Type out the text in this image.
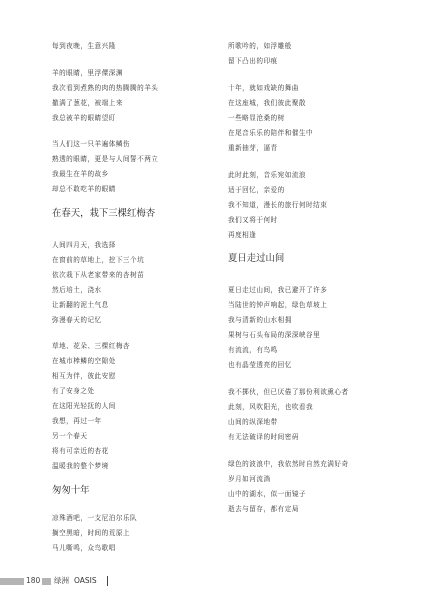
每到夜晚，生意兴隆
羊的眼睛，里浮僳深渊
我次看到煮熟的肉的热腾腾的羊头
撤满了葱花，被端上来
我总被羊的眼睛望盯
当人们这一只羊遍体鳞伤
熟透的眼睛，更是与人间誓不两立
我最生在羊的故乡
却总不敢吃羊的眼睛
在春天，栽下三棵红梅杏
人间四月天，我选择
在窗前的草地上，挖下三个坑
依次栽下从老家带来的杏树苗
然后培土，浇水
让新翻的泥土气息
弥漫春天的记忆
草地、花朵、三棵红梅杏
在城市棒鳞的空隙处
相互为伴，彼此安慰
有了安身之处
在这阳光轻抚的人间
我想，再过一年
另一个春天
将有可亲近的杏花
温暖我的整个梦境
匆匆十年
凉殊酒吧，一支尼泊尔乐队
搁空黑暗，时间的荒原上
马儿嘶鸣，众鸟歌唱
所歌吟的，如浮雕般
留下凸出的印痕
十年，就如戏缺的舞曲
在这座城，我们彼此聚散
一些略显沧桑的树
在尾音乐乐的陪伴和催生中
重新抽芽，逼青
此时此刻，音乐宛如流浪
适于回忆，亲爱的
我不知道，漫长的旅行何时结束
我们又将于何时
再度相逢
夏日走过山间
夏日走过山间，我已避开了许多
当陆世的钟声响起，绿色草坡上
我与清新的山水相拥
果树与石头布局的深深峡谷里
有流流，有鸟鸣
也有晶莹透亮的回忆
我不掷伙，但已厌倦了那份利欲熏心者
此刻，风吹阳光，也吹看我
山间的纵深地带
有无法破译的时间密码
绿色的波浪中，我依然时自然充满好奇
岁月如河流淌
山中的湖水，似一面镜子
逝去与留存，都有定局
180 绿洲 OASIS
